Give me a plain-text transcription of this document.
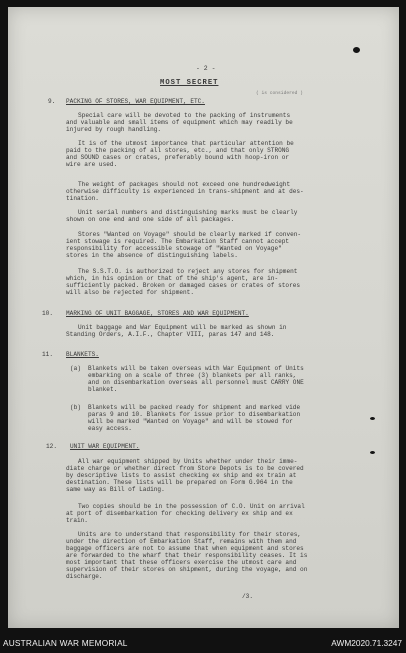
- 2 -
MOST SECRET
( is considered )
9. PACKING OF STORES, WAR EQUIPMENT, ETC.
Special care will be devoted to the packing of instruments
and valuable and small items of equipment which may readily be
injured by rough handling.
It is of the utmost importance that particular attention be
paid to the packing of all stores, etc., and that only STRONG
and SOUND cases or crates, preferably bound with hoop-iron or
wire are used.
The weight of packages should not exceed one hundredweight
otherwise difficulty is experienced in trans-shipment and at des-
tination.
Unit serial numbers and distinguishing marks must be clearly
shown on one end and one side of all packages.
Stores "Wanted on Voyage" should be clearly marked if conven-
ient stowage is required. The Embarkation Staff cannot accept
responsibility for accessible stowage of "Wanted on Voyage"
stores in the absence of distinguishing labels.
The S.S.T.O. is authorized to reject any stores for shipment
which, in his opinion or that of the ship's agent, are in-
sufficiently packed. Broken or damaged cases or crates of stores
will also be rejected for shipment.
10. MARKING OF UNIT BAGGAGE, STORES AND WAR EQUIPMENT.
Unit baggage and War Equipment will be marked as shown in
Standing Orders, A.I.F., Chapter VIII, paras 147 and 148.
11. BLANKETS.
(a) Blankets will be taken overseas with War Equipment of Units
embarking on a scale of three (3) blankets per all ranks,
and on disembarkation overseas all personnel must CARRY ONE
blanket.
(b) Blankets will be packed ready for shipment and marked vide
paras 9 and 10. Blankets for issue prior to disembarkation
will be marked "Wanted on Voyage" and will be stowed for
easy access.
12. UNIT WAR EQUIPMENT.
All war equipment shipped by Units whether under their imme-
diate charge or whether direct from Store Depots is to be covered
by descriptive lists to assist checking ex ship and ex train at
destination. These lists will be prepared on Form G.964 in the
same way as Bill of Lading.
Two copies should be in the possession of C.O. Unit on arrival
at port of disembarkation for checking delivery ex ship and ex
train.
Units are to understand that responsibility for their stores,
under the direction of Embarkation Staff, remains with them and
baggage officers are not to assume that when equipment and stores
are forwarded to the wharf that their responsibility ceases. It is
most important that these officers exercise the utmost care and
supervision of their stores on shipment, during the voyage, and on
discharge.
/3.
AUSTRALIAN WAR MEMORIAL	AWM2020.71.3247
